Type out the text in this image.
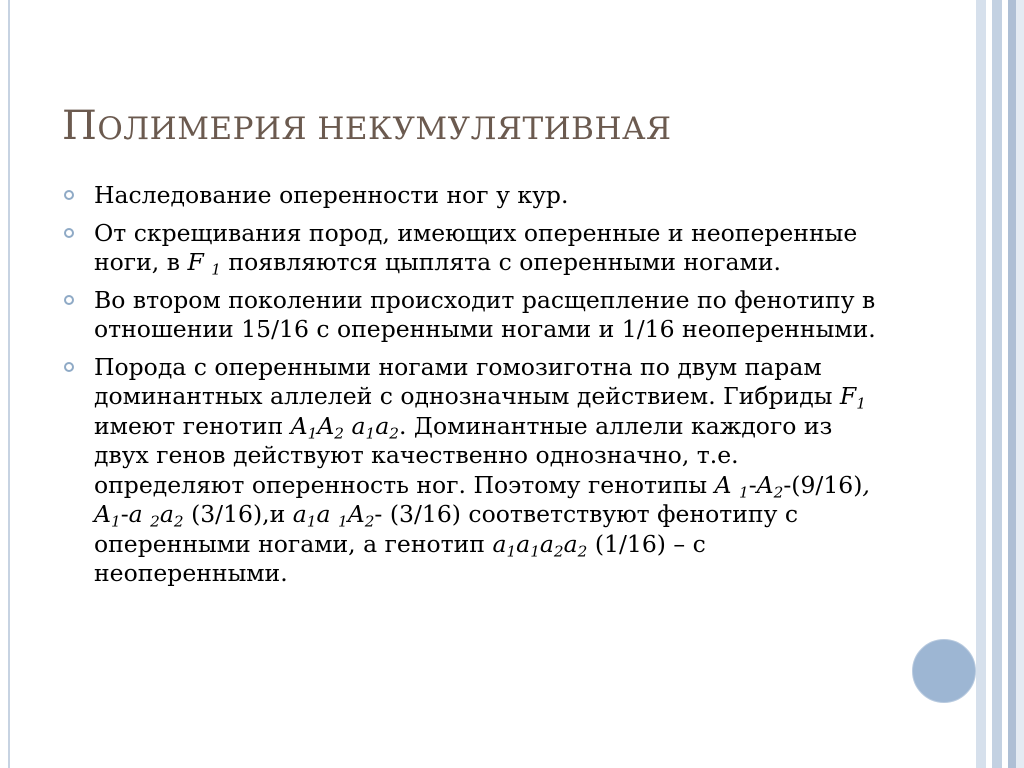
ПОЛИМЕРИЯ НЕКУМУЛЯТИВНАЯ
Наследование оперенности ног у кур.
От скрещивания пород, имеющих оперенные и неоперенные ноги, в F $_1$ появляются цыплята с оперенными ногами.
Во втором поколении происходит расщепление по фенотипу в отношении 15/16 с оперенными ногами и 1/16 неоперенными.
Порода с оперенными ногами гомозиготна по двум парам доминантных аллелей с однозначным действием. Гибриды $F_1$ имеют генотип $A_1A_2$ $a_1a_2$. Доминантные аллели каждого из двух генов действуют качественно однозначно, т.е. определяют оперенность ног. Поэтому генотипы A $_1-A_2-(9/16)$, $A_1-a$ $_2a_2$ (3/16),и $a_1a$ $_1A_2-$ (3/16) соответствуют фенотипу с оперенными ногами, а генотип $a_1a_1a_2a_2$ (1/16) – с неоперенными.
